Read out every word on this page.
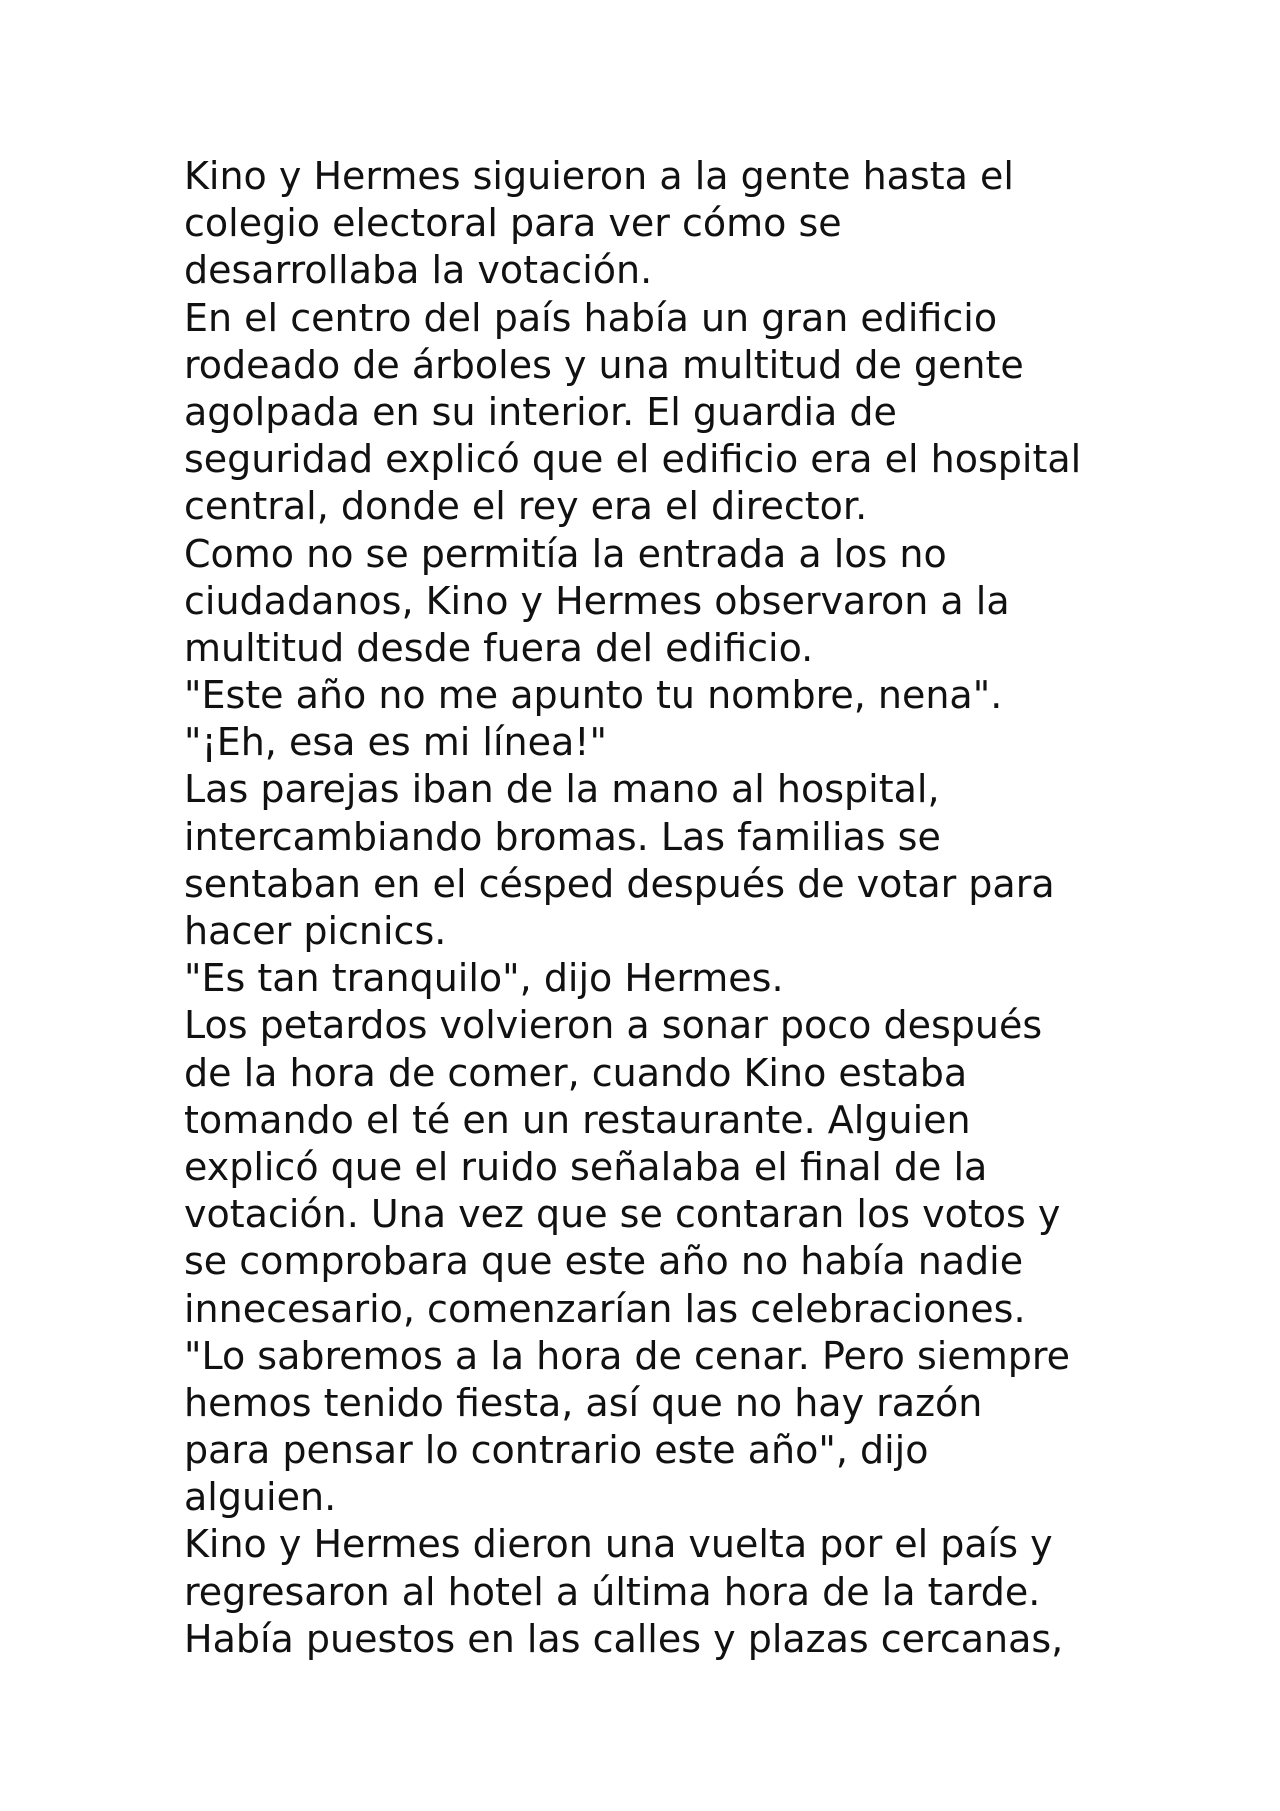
Kino y Hermes siguieron a la gente hasta el
colegio electoral para ver cómo se
desarrollaba la votación.
En el centro del país había un gran edificio
rodeado de árboles y una multitud de gente
agolpada en su interior. El guardia de
seguridad explicó que el edificio era el hospital
central, donde el rey era el director.
Como no se permitía la entrada a los no
ciudadanos, Kino y Hermes observaron a la
multitud desde fuera del edificio.
"Este año no me apunto tu nombre, nena".
"¡Eh, esa es mi línea!"
Las parejas iban de la mano al hospital,
intercambiando bromas. Las familias se
sentaban en el césped después de votar para
hacer picnics.
"Es tan tranquilo", dijo Hermes.
Los petardos volvieron a sonar poco después
de la hora de comer, cuando Kino estaba
tomando el té en un restaurante. Alguien
explicó que el ruido señalaba el final de la
votación. Una vez que se contaran los votos y
se comprobara que este año no había nadie
innecesario, comenzarían las celebraciones.
"Lo sabremos a la hora de cenar. Pero siempre
hemos tenido fiesta, así que no hay razón
para pensar lo contrario este año", dijo
alguien.
Kino y Hermes dieron una vuelta por el país y
regresaron al hotel a última hora de la tarde.
Había puestos en las calles y plazas cercanas,
